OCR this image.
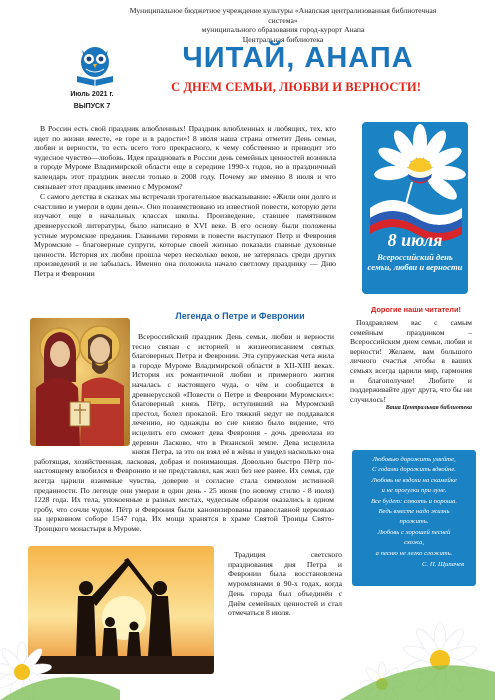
Муниципальное бюджетное учреждение культуры «Анапская централизованная библиотечная система»
муниципального образования город-курорт Анапа
Центральная библиотека
Июль 2021 г.
ВЫПУСК 7
ЧИТАЙ, АНАПА
С ДНЕМ СЕМЬИ, ЛЮБВИ И ВЕРНОСТИ!

В России есть свой праздник влюбленных! Праздник влюбленных и любящих, тех, кто идет по жизни вместе, «в горе и в радости»! 8 июля наша страна отметит День семьи, любви и верности, то есть всего того прекрасного, к чему собственно и приводит это чудесное чувство—любовь. Идея праздновать в России день семейных ценностей возникла в городе Муроме Владимирской области еще в середине 1990-х годов, но в праздничный календарь этот праздник внесли только в 2008 году. Почему же именно 8 июля и что связывает этот праздник именно с Муромом?

С самого детства в сказках мы встречали трогательное высказывание: «Жили они долго и счастливо и умерли в один день». Оно позаимствовано из известной повести, которую дети изучают еще в начальных классах школы. Произведение, ставшее памятником древнерусской литературы, было написано в XVI веке. В его основу были положены устные муромские предания. Главными героями в повести выступают Петр и Феврония Муромские – благоверные супруги, которые своей жизнью показали главные духовные ценности. История их любви прошла через несколько веков, не затерялась среди других произведений и не забылась. Именно она положила начало светлому празднику — Дню Петра и Февронии

8 июля
Всероссийский день
семьи, любви и верности
Легенда о Петре и Февронии

Всероссийский праздник День семьи, любви и верности тесно связан с историей и жизнеописанием святых благоверных Петра и Февронии. Эта супружеская чета жила в городе Муроме Владимирской области в XII-XIII веках. История их романтичной любви и примерного жития началась с настоящего чуда, о чём и сообщается в древнерусской «Повести о Петре и Февронии Муромских»: благоверный князь Пётр, вступивший на Муромский престол, болел проказой. Его тяжкий недуг не поддавался лечению, но однажды во сне князю было видение, что исцелить его сможет дева Феврония - дочь древолаза из деревни Ласково, что в Рязанской земле. Дева исцелила князя Петра, за это он взял её в жёны и увидел насколько она работящая, хозяйственная, ласковая, добрая и понимающая. Довольно быстро Пётр по-настоящему влюбился в Февронию и не представлял, как жил без нее ранее. Их семья, где всегда царили взаимные чувства, доверие и согласие стала символом истинной преданности. По легенде они умерли в один день - 25 июня (по новому стилю - 8 июля) 1228 года. Их тела, упокоенные в разных местах, чудесным образом оказались в одном гробу, что сочли чудом. Пётр и Феврония были канонизированы православной церковью на церковном соборе 1547 года. Их мощи хранятся в храме Святой Троицы Свято-Троицкого монастыря в Муроме.

Дорогие наши читатели!

Поздравляем вас с самым семейным праздником – Всероссийским днем семьи, любви и верности! Желаем, вам большого личного счастья ,чтобы в ваших семьях всегда царили мир, гармония и благополучие! Любите и поддерживайте друг друга, что бы ни случилось!

Ваша Центральная библиотека
Любовью дорожить умейте,
С годами дорожить вдвойне.
Любовь не вздохи на скамейке
и не прогулки при луне.
Все будет: слякоть и пороша.
Ведь вместе надо жизнь
прожить.
Любовь с хорошей песней
схожа,
а песню не легко сложить.
С. П. Щипачев

Традиция светского празднования дня Петра и Февронии была восстановлена муромлянами в 90-х годах, когда День города был объединён с Днём семейных ценностей и стал отмечаться 8 июля.
